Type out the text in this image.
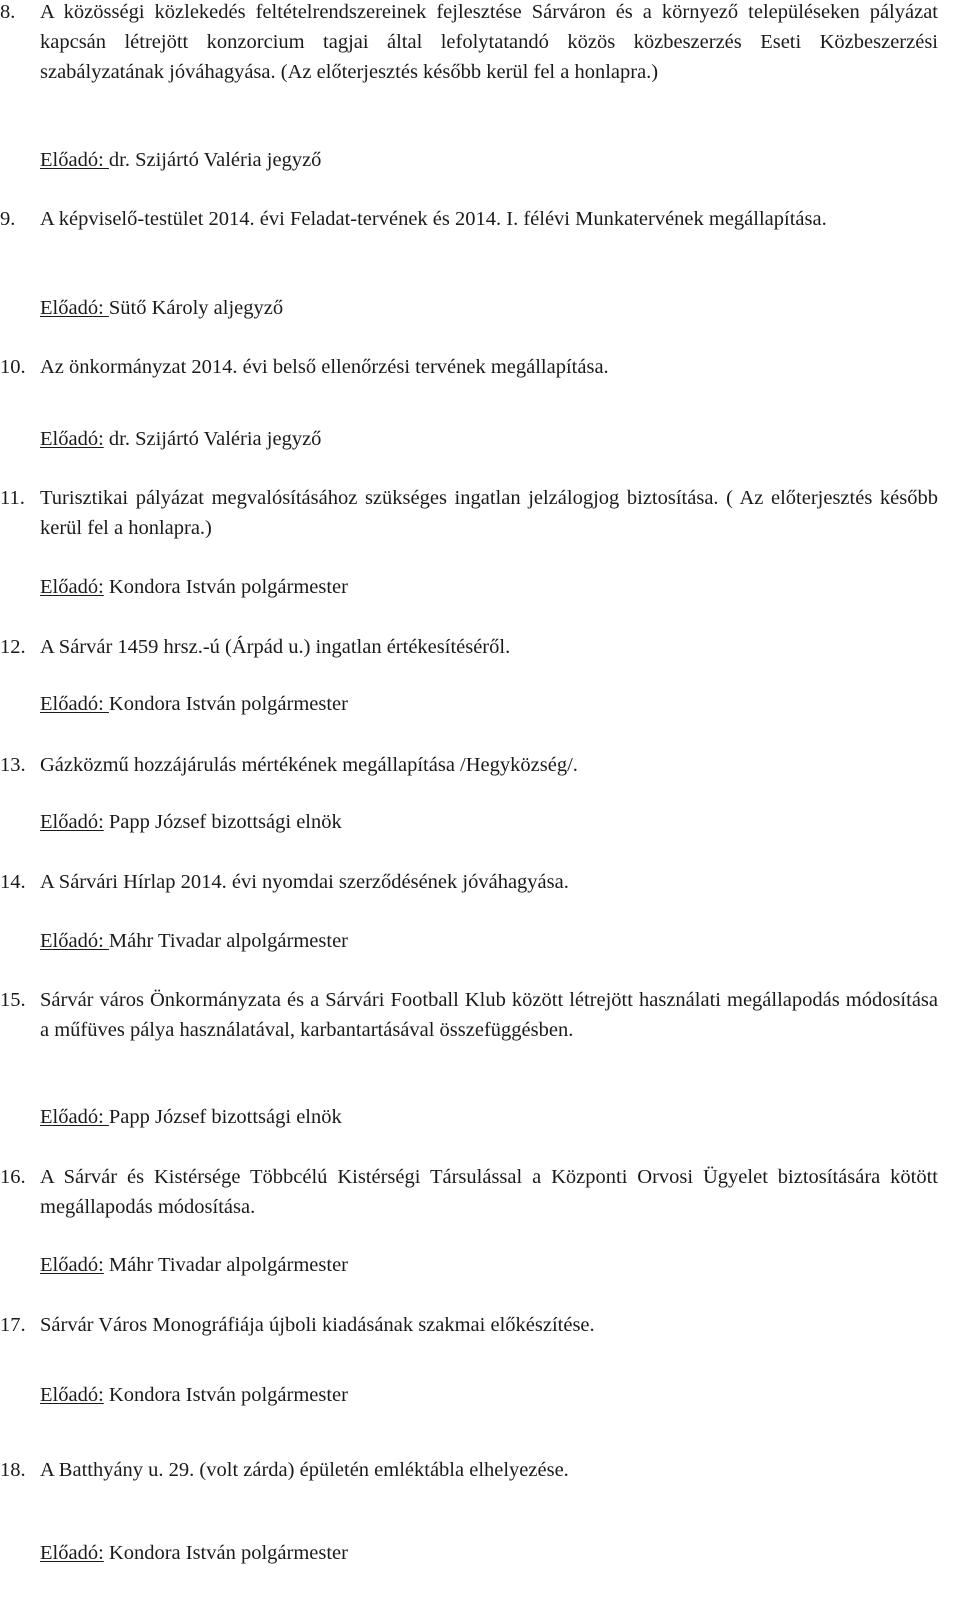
8. A közösségi közlekedés feltételrendszereinek fejlesztése Sárváron és a környező településeken pályázat kapcsán létrejött konzorcium tagjai által lefolytatandó közös közbeszerzés Eseti Közbeszerzési szabályzatának jóváhagyása. (Az előterjesztés később kerül fel a honlapra.)
Előadó: dr. Szijártó Valéria jegyző
9. A képviselő-testület 2014. évi Feladat-tervének és 2014. I. félévi Munkatervének megállapítása.
Előadó: Sütő Károly aljegyző
10. Az önkormányzat 2014. évi belső ellenőrzési tervének megállapítása.
Előadó: dr. Szijártó Valéria jegyző
11. Turisztikai pályázat megvalósításához szükséges ingatlan jelzálogjog biztosítása. ( Az előterjesztés később kerül fel a honlapra.)
Előadó: Kondora István polgármester
12. A Sárvár 1459 hrsz.-ú (Árpád u.) ingatlan értékesítéséről.
Előadó: Kondora István polgármester
13. Gázközmű hozzájárulás mértékének megállapítása /Hegyközség/.
Előadó: Papp József bizottsági elnök
14. A Sárvári Hírlap 2014. évi nyomdai szerződésének jóváhagyása.
Előadó: Máhr Tivadar alpolgármester
15. Sárvár város Önkormányzata és a Sárvári Football Klub között létrejött használati megállapodás módosítása a műfüves pálya használatával, karbantartásával összefüggésben.
Előadó: Papp József bizottsági elnök
16. A Sárvár és Kistérsége Többcélú Kistérségi Társulással a Központi Orvosi Ügyelet biztosítására kötött megállapodás módosítása.
Előadó: Máhr Tivadar alpolgármester
17. Sárvár Város Monográfiája újboli kiadásának szakmai előkészítése.
Előadó: Kondora István polgármester
18. A Batthyány u. 29. (volt zárda) épületén emléktábla elhelyezése.
Előadó: Kondora István polgármester
